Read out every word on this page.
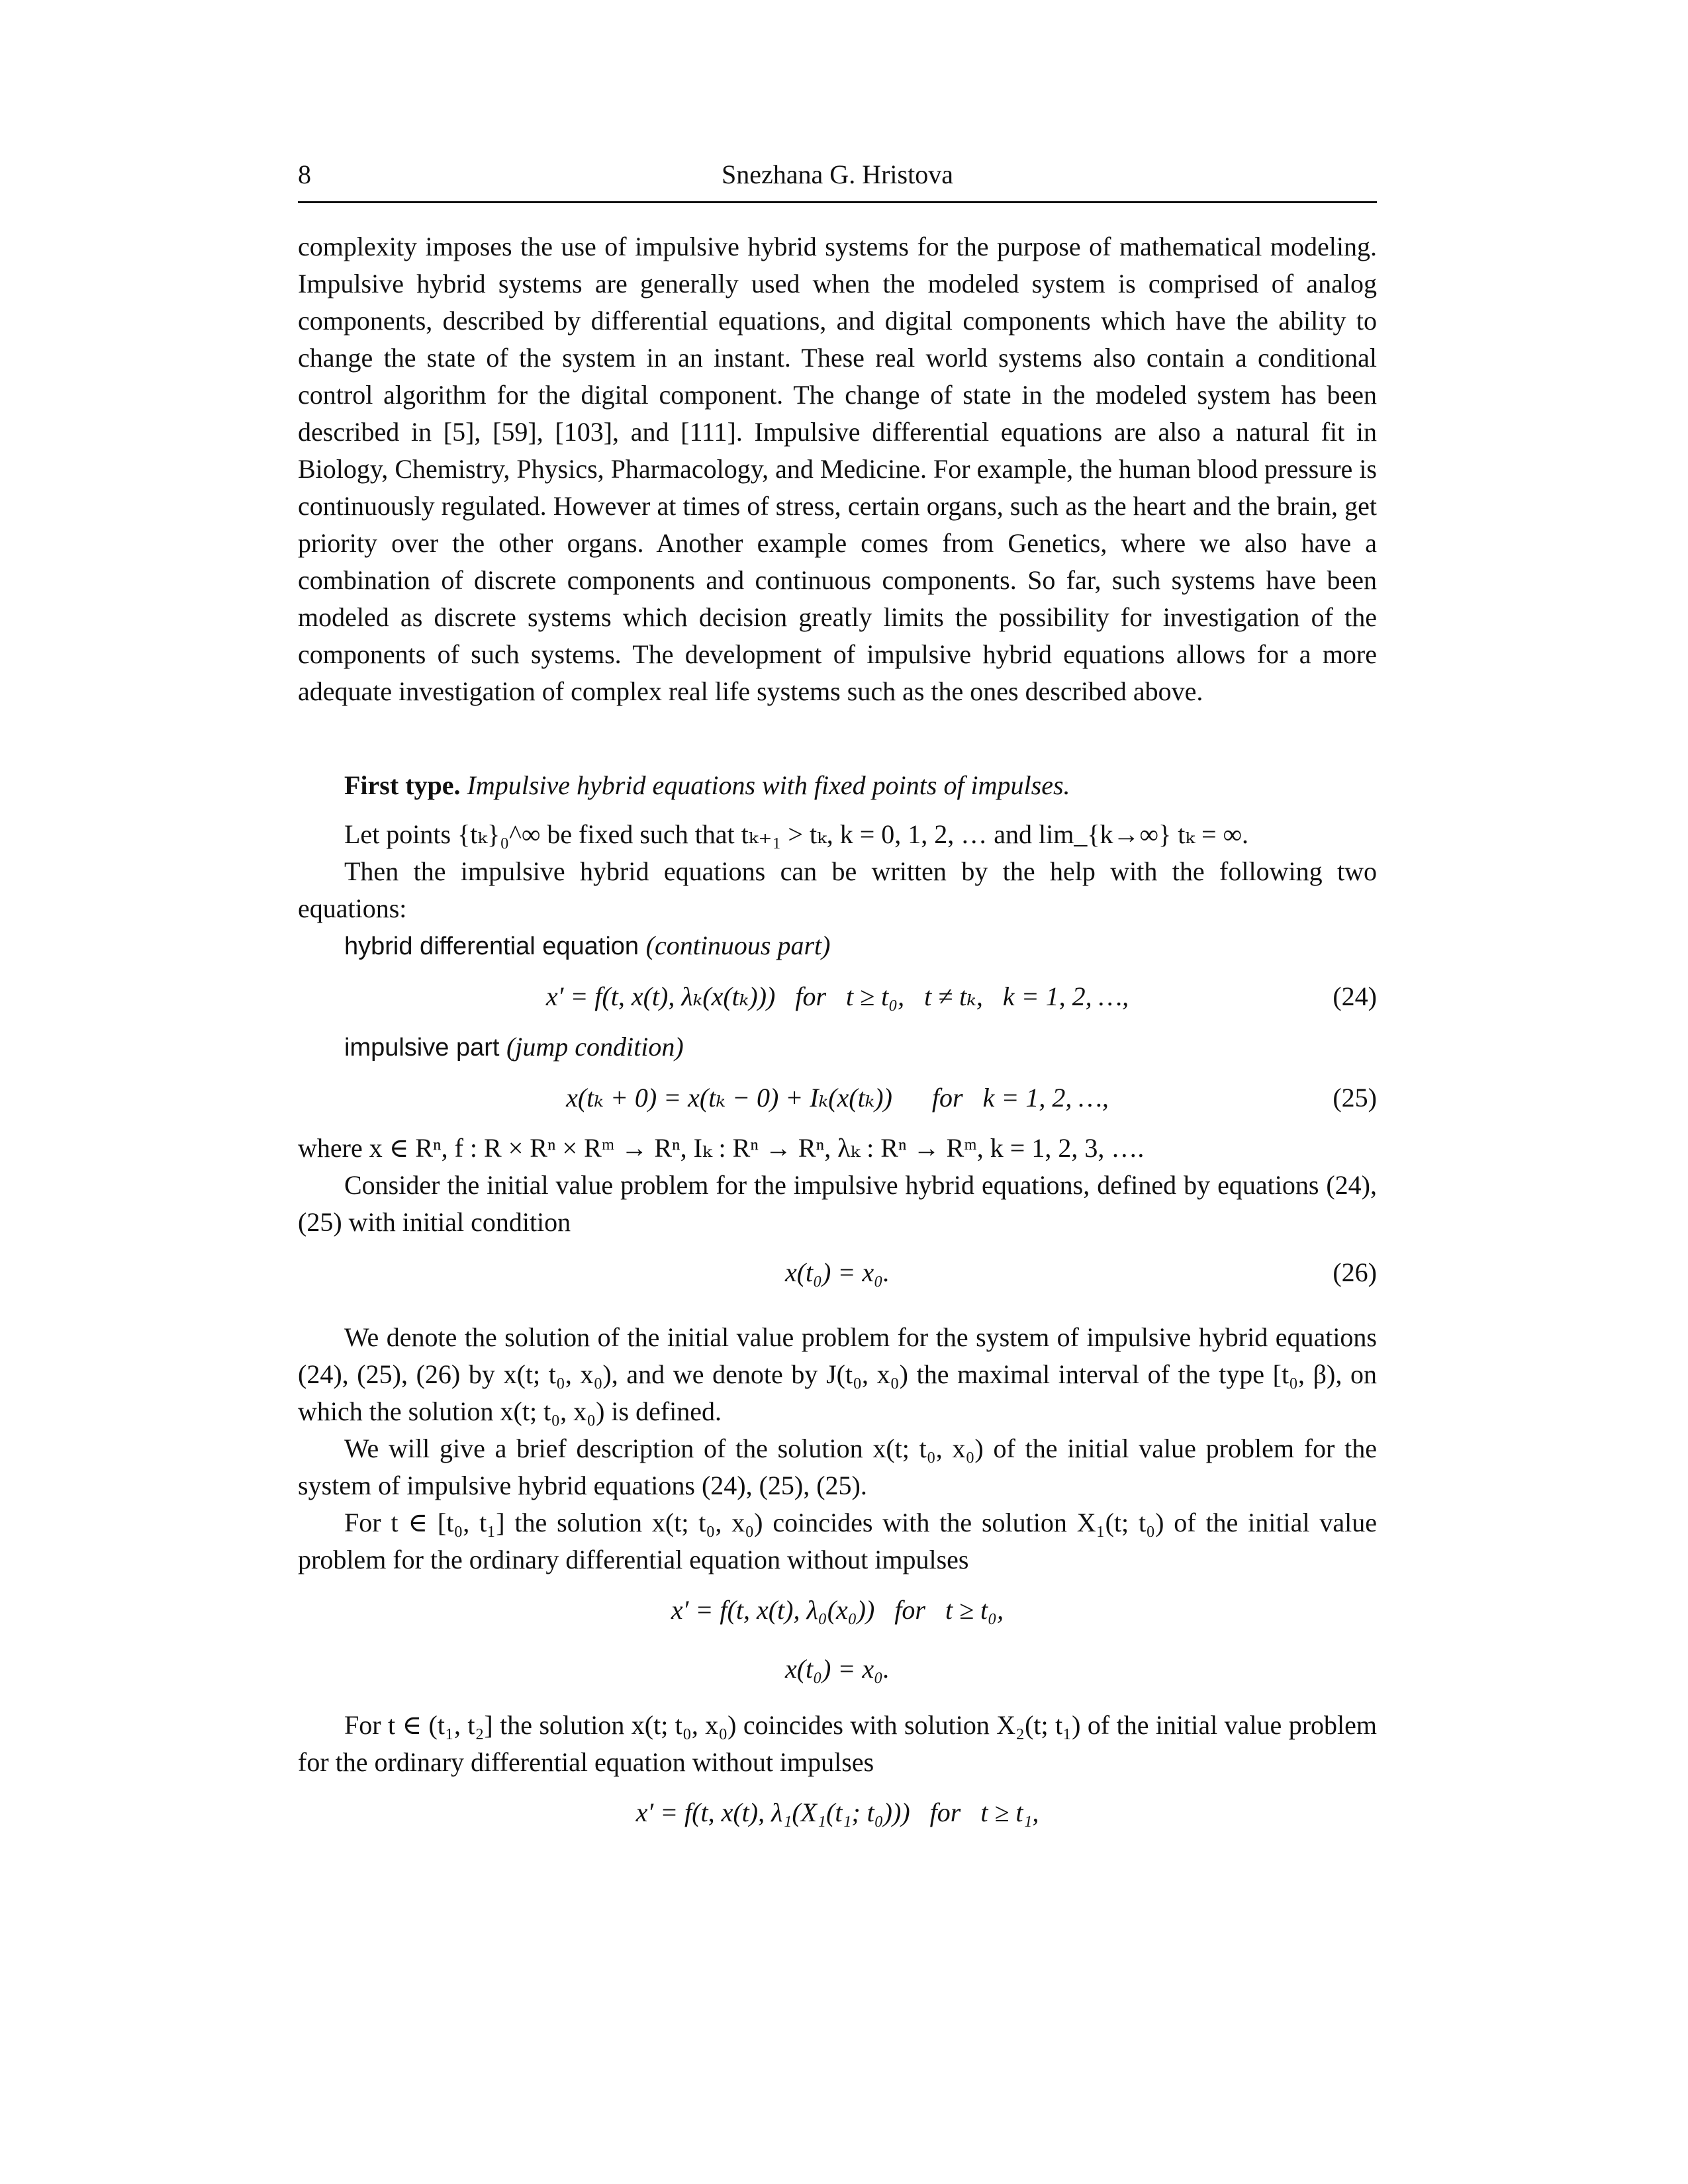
8	Snezhana G. Hristova

complexity imposes the use of impulsive hybrid systems for the purpose of mathematical modeling. Impulsive hybrid systems are generally used when the modeled system is comprised of analog components, described by differential equations, and digital components which have the ability to change the state of the system in an instant. These real world systems also contain a conditional control algorithm for the digital component. The change of state in the modeled system has been described in [5], [59], [103], and [111]. Impulsive differential equations are also a natural fit in Biology, Chemistry, Physics, Pharmacology, and Medicine. For example, the human blood pressure is continuously regulated. However at times of stress, certain organs, such as the heart and the brain, get priority over the other organs. Another example comes from Genetics, where we also have a combination of discrete components and continuous components. So far, such systems have been modeled as discrete systems which decision greatly limits the possibility for investigation of the components of such systems. The development of impulsive hybrid equations allows for a more adequate investigation of complex real life systems such as the ones described above.

First type. Impulsive hybrid equations with fixed points of impulses.

Let points {tₖ}₀^∞ be fixed such that tₖ₊₁ > tₖ, k = 0, 1, 2, … and lim_{k→∞} tₖ = ∞.

Then the impulsive hybrid equations can be written by the help with the following two equations:

hybrid differential equation (continuous part)
x′ = f(t, x(t), λₖ(x(tₖ)))   for   t ≥ t₀,   t ≠ tₖ,   k = 1, 2, …,	(24)
impulsive part (jump condition)
x(tₖ + 0) = x(tₖ − 0) + Iₖ(x(tₖ))      for   k = 1, 2, …,	(25)

where x ∈ Rⁿ, f : R × Rⁿ × Rᵐ → Rⁿ, Iₖ : Rⁿ → Rⁿ, λₖ : Rⁿ → Rᵐ, k = 1, 2, 3, ….

Consider the initial value problem for the impulsive hybrid equations, defined by equations (24), (25) with initial condition

x(t₀) = x₀.	(26)

We denote the solution of the initial value problem for the system of impulsive hybrid equations (24), (25), (26) by x(t; t₀, x₀), and we denote by J(t₀, x₀) the maximal interval of the type [t₀, β), on which the solution x(t; t₀, x₀) is defined.

We will give a brief description of the solution x(t; t₀, x₀) of the initial value problem for the system of impulsive hybrid equations (24), (25), (25).

For t ∈ [t₀, t₁] the solution x(t; t₀, x₀) coincides with the solution X₁(t; t₀) of the initial value problem for the ordinary differential equation without impulses

x′ = f(t, x(t), λ₀(x₀))   for   t ≥ t₀,
x(t₀) = x₀.

For t ∈ (t₁, t₂] the solution x(t; t₀, x₀) coincides with solution X₂(t; t₁) of the initial value problem for the ordinary differential equation without impulses

x′ = f(t, x(t), λ₁(X₁(t₁; t₀)))   for   t ≥ t₁,
